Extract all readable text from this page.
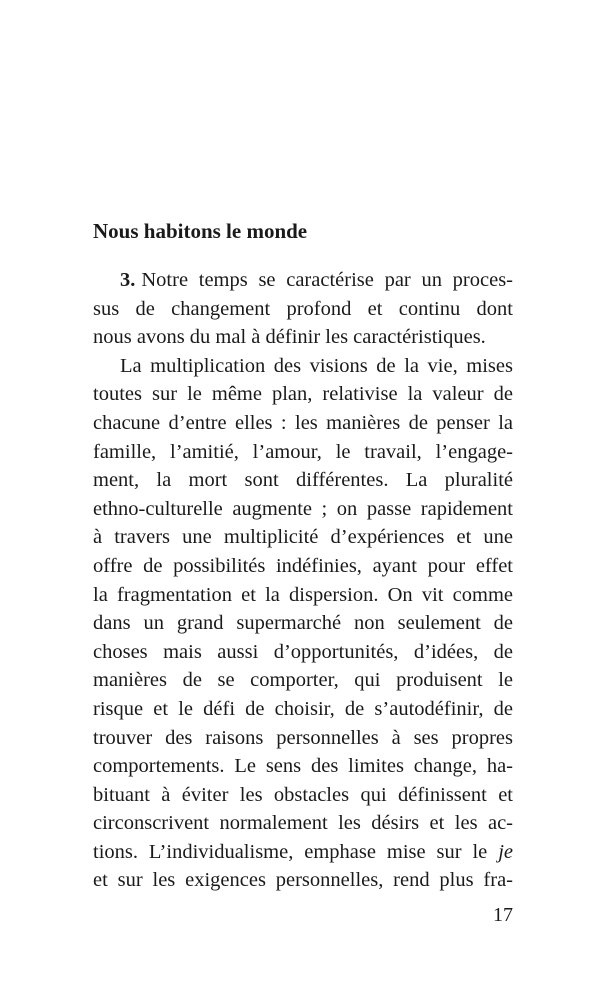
Nous habitons le monde
3. Notre temps se caractérise par un proces-
sus de changement profond et continu dont
nous avons du mal à définir les caractéristiques.
La multiplication des visions de la vie, mises
toutes sur le même plan, relativise la valeur de
chacune d’entre elles : les manières de penser la
famille, l’amitié, l’amour, le travail, l’engage-
ment, la mort sont différentes. La pluralité
ethno-culturelle augmente ; on passe rapidement
à travers une multiplicité d’expériences et une
offre de possibilités indéfinies, ayant pour effet
la fragmentation et la dispersion. On vit comme
dans un grand supermarché non seulement de
choses mais aussi d’opportunités, d’idées, de
manières de se comporter, qui produisent le
risque et le défi de choisir, de s’autodéfinir, de
trouver des raisons personnelles à ses propres
comportements. Le sens des limites change, ha-
bituant à éviter les obstacles qui définissent et
circonscrivent normalement les désirs et les ac-
tions. L’individualisme, emphase mise sur le je
et sur les exigences personnelles, rend plus fra-
17
